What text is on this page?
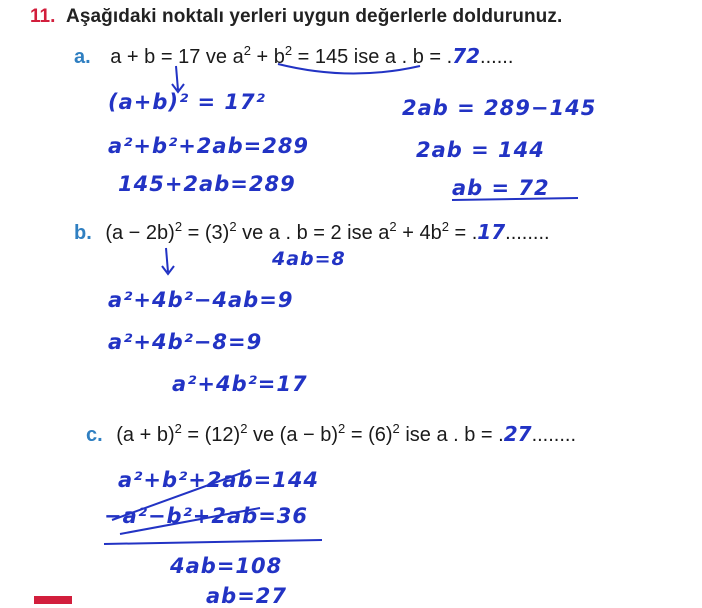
11. Aşağıdaki noktalı yerleri uygun değerlerle doldurunuz.
a. a + b = 17 ve $a^2 + b^2 = 145$ ise a . b = .72......
(a+b)² = 17²
a²+b²+2ab=289
145+2ab=289
2ab = 289−145
2ab = 144
ab = 72
b. $(a - 2b)^2 = (3)^2$ ve a . b = 2 ise $a^2 + 4b^2 = .17$........
4ab=8
a²+4b²−4ab=9
a²+4b²−8=9
a²+4b²=17
c. $(a + b)^2 = (12)^2$ ve $(a - b)^2 = (6)^2$ ise a . b = .27........
a²+b²+2ab=144
−a²−b²+2ab=36
4ab=108
ab=27
